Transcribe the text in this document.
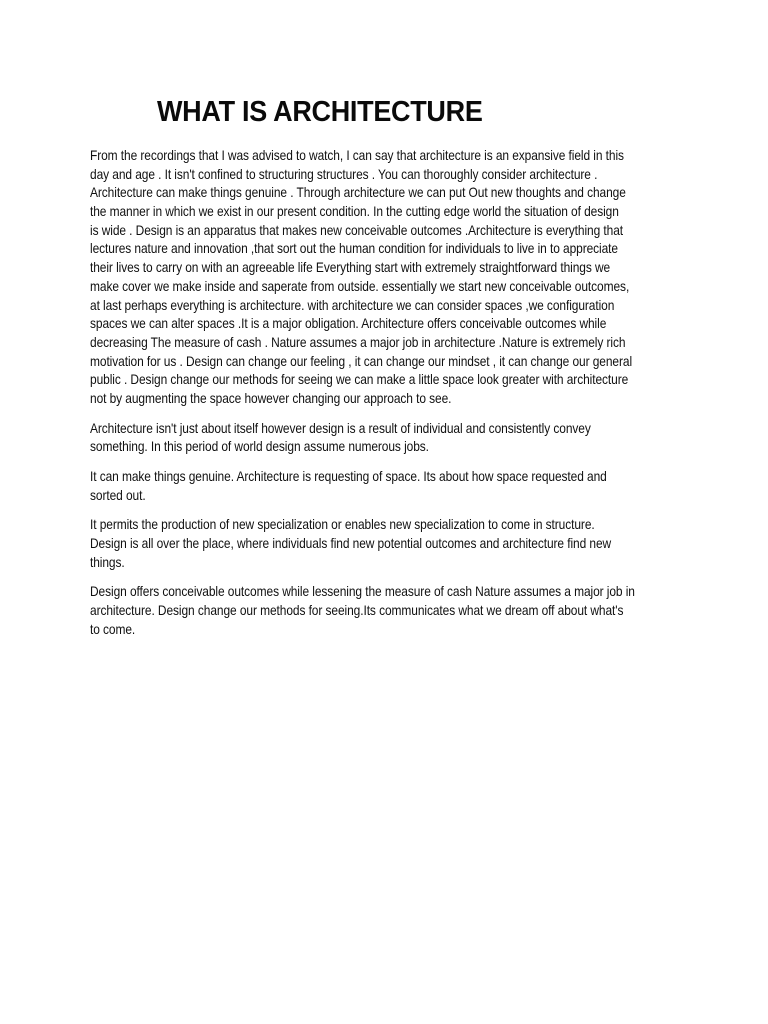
WHAT IS ARCHITECTURE

From the recordings that I was advised to watch, I can say that architecture is an expansive field in this
day and age . It isn't confined to structuring structures . You can thoroughly consider architecture .
Architecture can make things genuine . Through architecture we can put Out new thoughts and change
the manner in which we exist in our present condition. In the cutting edge world the situation of design
is wide . Design is an apparatus that makes new conceivable outcomes .Architecture is everything that
lectures nature and innovation ,that sort out the human condition for individuals to live in to appreciate
their lives to carry on with an agreeable life Everything start with extremely straightforward things we
make cover we make inside and saperate from outside. essentially we start new conceivable outcomes,
at last perhaps everything is architecture. with architecture we can consider spaces ,we configuration
spaces we can alter spaces .It is a major obligation. Architecture offers conceivable outcomes while
decreasing The measure of cash . Nature assumes a major job in architecture .Nature is extremely rich
motivation for us . Design can change our feeling , it can change our mindset , it can change our general
public . Design change our methods for seeing we can make a little space look greater with architecture
not by augmenting the space however changing our approach to see.

Architecture isn't just about itself however design is a result of individual and consistently convey
something. In this period of world design assume numerous jobs.

It can make things genuine. Architecture is requesting of space. Its about how space requested and
sorted out.

It permits the production of new specialization or enables new specialization to come in structure.
Design is all over the place, where individuals find new potential outcomes and architecture find new
things.

Design offers conceivable outcomes while lessening the measure of cash Nature assumes a major job in
architecture. Design change our methods for seeing.Its communicates what we dream off about what's
to come.
